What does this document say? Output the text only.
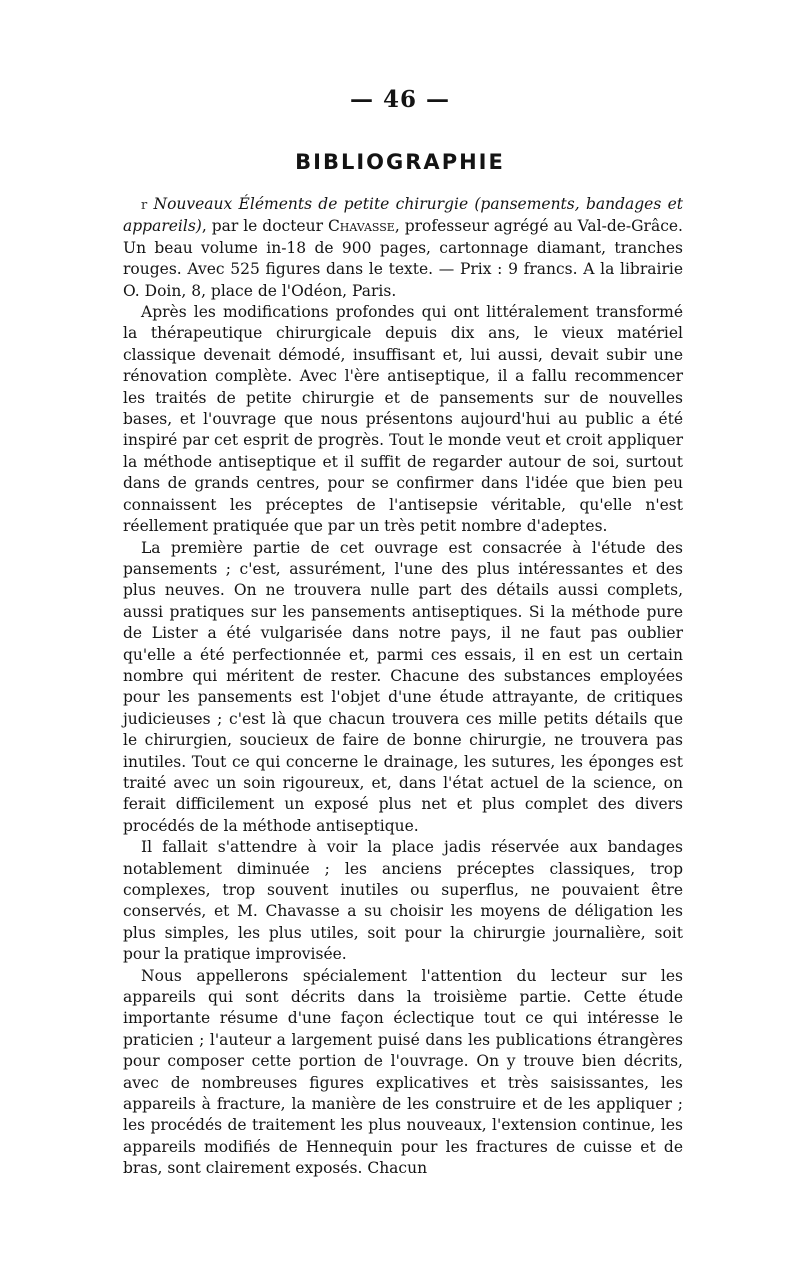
— 46 —
BIBLIOGRAPHIE

r Nouveaux Éléments de petite chirurgie (pansements, bandages et appareils), par le docteur Chavasse, professeur agrégé au Val-de-Grâce. Un beau volume in-18 de 900 pages, cartonnage diamant, tranches rouges. Avec 525 figures dans le texte. — Prix : 9 francs. A la librairie O. Doin, 8, place de l'Odéon, Paris.

Après les modifications profondes qui ont littéralement transformé la thérapeutique chirurgicale depuis dix ans, le vieux matériel classique devenait démodé, insuffisant et, lui aussi, devait subir une rénovation complète. Avec l'ère antiseptique, il a fallu recommencer les traités de petite chirurgie et de pansements sur de nouvelles bases, et l'ouvrage que nous présentons aujourd'hui au public a été inspiré par cet esprit de progrès. Tout le monde veut et croit appliquer la méthode antiseptique et il suffit de regarder autour de soi, surtout dans de grands centres, pour se confirmer dans l'idée que bien peu connaissent les préceptes de l'antisepsie véritable, qu'elle n'est réellement pratiquée que par un très petit nombre d'adeptes.

La première partie de cet ouvrage est consacrée à l'étude des pansements ; c'est, assurément, l'une des plus intéressantes et des plus neuves. On ne trouvera nulle part des détails aussi complets, aussi pratiques sur les pansements antiseptiques. Si la méthode pure de Lister a été vulgarisée dans notre pays, il ne faut pas oublier qu'elle a été perfectionnée et, parmi ces essais, il en est un certain nombre qui méritent de rester. Chacune des substances employées pour les pansements est l'objet d'une étude attrayante, de critiques judicieuses ; c'est là que chacun trouvera ces mille petits détails que le chirurgien, soucieux de faire de bonne chirurgie, ne trouvera pas inutiles. Tout ce qui concerne le drainage, les sutures, les éponges est traité avec un soin rigoureux, et, dans l'état actuel de la science, on ferait difficilement un exposé plus net et plus complet des divers procédés de la méthode antiseptique.

Il fallait s'attendre à voir la place jadis réservée aux bandages notablement diminuée ; les anciens préceptes classiques, trop complexes, trop souvent inutiles ou superflus, ne pouvaient être conservés, et M. Chavasse a su choisir les moyens de déligation les plus simples, les plus utiles, soit pour la chirurgie journalière, soit pour la pratique improvisée.

Nous appellerons spécialement l'attention du lecteur sur les appareils qui sont décrits dans la troisième partie. Cette étude importante résume d'une façon éclectique tout ce qui intéresse le praticien ; l'auteur a largement puisé dans les publications étrangères pour composer cette portion de l'ouvrage. On y trouve bien décrits, avec de nombreuses figures explicatives et très saisissantes, les appareils à fracture, la manière de les construire et de les appliquer ; les procédés de traitement les plus nouveaux, l'extension continue, les appareils modifiés de Hennequin pour les fractures de cuisse et de bras, sont clairement exposés. Chacun
